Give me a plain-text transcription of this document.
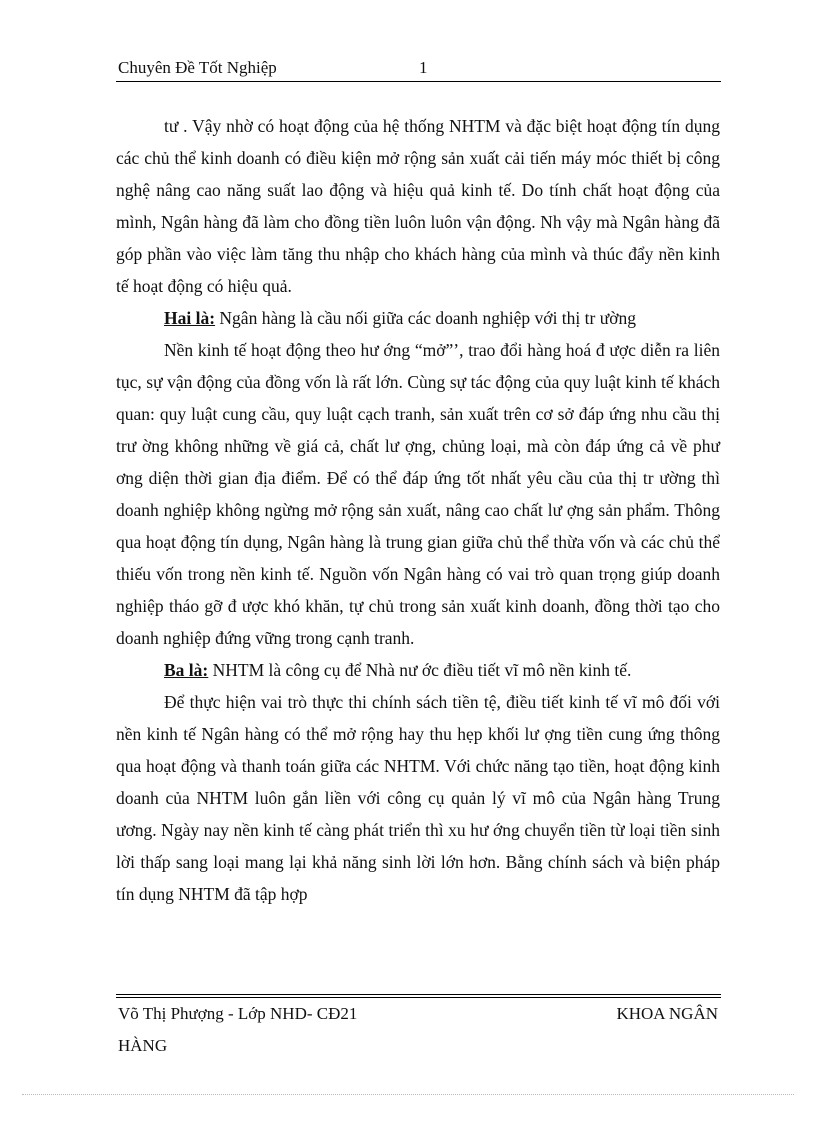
Chuyên Đề Tốt Nghiệp	1

tư . Vậy nhờ có hoạt động của hệ thống NHTM và đặc biệt hoạt động tín dụng các chủ thể kinh doanh có điều kiện mở rộng sản xuất cải tiến máy móc thiết bị công nghệ nâng cao năng suất lao động và hiệu quả kinh tế. Do tính chất hoạt động của mình, Ngân hàng đã làm cho đồng tiền luôn luôn vận động. Nh vậy mà Ngân hàng đã góp phần vào việc làm tăng thu nhập cho khách hàng của mình và thúc đẩy nền kinh tế hoạt động có hiệu quả.

Hai là: Ngân hàng là cầu nối giữa các doanh nghiệp với thị tr ường

Nền kinh tế hoạt động theo hư ớng “mở”’, trao đổi hàng hoá đ ược diễn ra liên tục, sự vận động của đồng vốn là rất lớn. Cùng sự tác động của quy luật kinh tế khách quan: quy luật cung cầu, quy luật cạch tranh, sản xuất trên cơ sở đáp ứng nhu cầu thị trư ờng không những về giá cả, chất lư ợng, chủng loại, mà còn đáp ứng cả về phư ơng diện thời gian địa điểm. Để có thể đáp ứng tốt nhất yêu cầu của thị tr ường thì doanh nghiệp không ngừng mở rộng sản xuất, nâng cao chất lư ợng sản phẩm. Thông qua hoạt động tín dụng, Ngân hàng là trung gian giữa chủ thể thừa vốn và các chủ thể thiếu vốn trong nền kinh tế. Nguồn vốn Ngân hàng có vai trò quan trọng giúp doanh nghiệp tháo gỡ đ ược khó khăn, tự chủ trong sản xuất kinh doanh, đồng thời tạo cho doanh nghiệp đứng vững trong cạnh tranh.

Ba là: NHTM là công cụ để Nhà nư ớc điều tiết vĩ mô nền kinh tế.

Để thực hiện vai trò thực thi chính sách tiền tệ, điều tiết kinh tế vĩ mô đối với nền kinh tế Ngân hàng có thể mở rộng hay thu hẹp khối lư ợng tiền cung ứng thông qua hoạt động và thanh toán giữa các NHTM. Với chức năng tạo tiền, hoạt động kinh doanh của NHTM luôn gắn liền với công cụ quản lý vĩ mô của Ngân hàng Trung ương. Ngày nay nền kinh tế càng phát triển thì xu hư ớng chuyển tiền từ loại tiền sinh lời thấp sang loại mang lại khả năng sinh lời lớn hơn. Bằng chính sách và biện pháp tín dụng NHTM đã tập hợp

Võ Thị Phượng - Lớp NHD- CĐ21	KHOA NGÂN
HÀNG
